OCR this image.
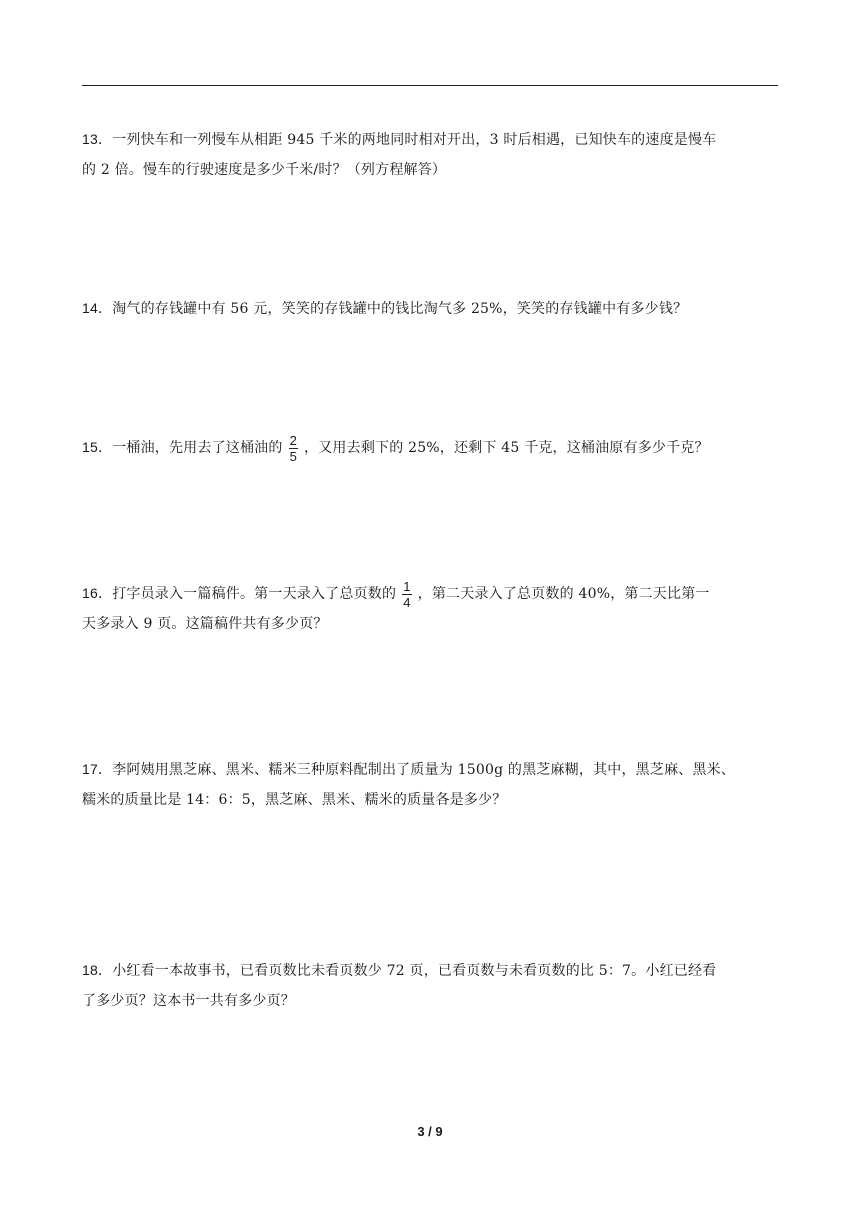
13．一列快车和一列慢车从相距 945 千米的两地同时相对开出，3 时后相遇，已知快车的速度是慢车
的 2 倍。慢车的行驶速度是多少千米/时？（列方程解答）
14．淘气的存钱罐中有 56 元，笑笑的存钱罐中的钱比淘气多 25%，笑笑的存钱罐中有多少钱？
15．一桶油，先用去了这桶油的 $\frac{2}{5}$ ，又用去剩下的 25%，还剩下 45 千克，这桶油原有多少千克？
16．打字员录入一篇稿件。第一天录入了总页数的 $\frac{1}{4}$ ，第二天录入了总页数的 40%，第二天比第一
天多录入 9 页。这篇稿件共有多少页？
17．李阿姨用黑芝麻、黑米、糯米三种原料配制出了质量为 1500g 的黑芝麻糊，其中，黑芝麻、黑米、
糯米的质量比是 14：6：5，黑芝麻、黑米、糯米的质量各是多少？
18．小红看一本故事书，已看页数比未看页数少 72 页，已看页数与未看页数的比 5：7。小红已经看
了多少页？这本书一共有多少页？
3 / 9
